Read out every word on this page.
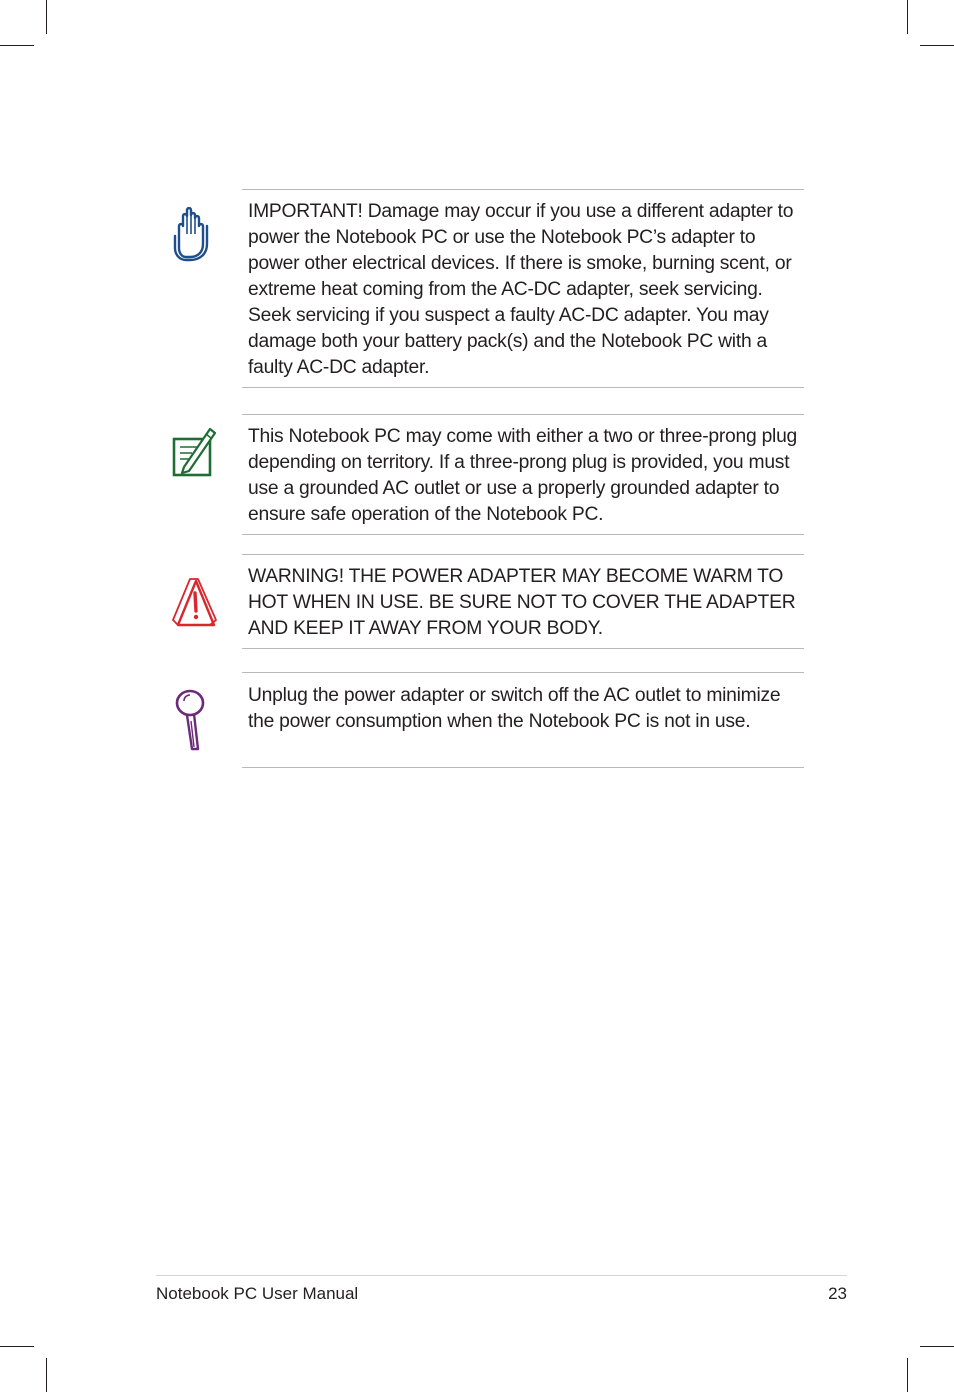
IMPORTANT! Damage may occur if you use a different adapter to power the Notebook PC or use the Notebook PC’s adapter to power other electrical devices. If there is smoke, burning scent, or extreme heat coming from the AC-DC adapter, seek servicing. Seek servicing if you suspect a faulty AC-DC adapter. You may damage both your battery pack(s) and the Notebook PC with a faulty AC-DC adapter.
This Notebook PC may come with either a two or three-prong plug depending on territory. If a three-prong plug is provided, you must use a grounded AC outlet or use a properly grounded adapter to ensure safe operation of the Notebook PC.
WARNING! THE POWER ADAPTER MAY BECOME WARM TO HOT WHEN IN USE. BE SURE NOT TO COVER THE ADAPTER AND KEEP IT AWAY FROM YOUR BODY.
Unplug the power adapter or switch off the AC outlet to minimize the power consumption when the Notebook PC is not in use.
Notebook PC User Manual	23
